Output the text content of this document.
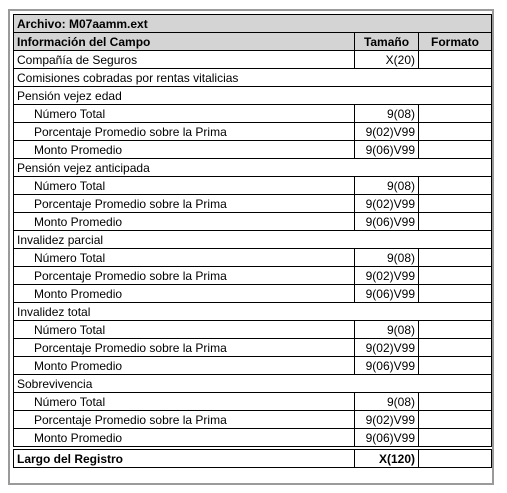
Archivo: M07aamm.ext		
Información del Campo	Tamaño	Formato
Compañía de Seguros	X(20)	
Comisiones cobradas por rentas vitalicias		
Pensión vejez edad		
Número Total	9(08)	
Porcentaje Promedio sobre la Prima	9(02)V99	
Monto Promedio	9(06)V99	
Pensión vejez anticipada		
Número Total	9(08)	
Porcentaje Promedio sobre la Prima	9(02)V99	
Monto Promedio	9(06)V99	
Invalidez parcial		
Número Total	9(08)	
Porcentaje Promedio sobre la Prima	9(02)V99	
Monto Promedio	9(06)V99	
Invalidez total		
Número Total	9(08)	
Porcentaje Promedio sobre la Prima	9(02)V99	
Monto Promedio	9(06)V99	
Sobrevivencia		
Número Total	9(08)	
Porcentaje Promedio sobre la Prima	9(02)V99	
Monto Promedio	9(06)V99	

Largo del Registro	X(120)	
